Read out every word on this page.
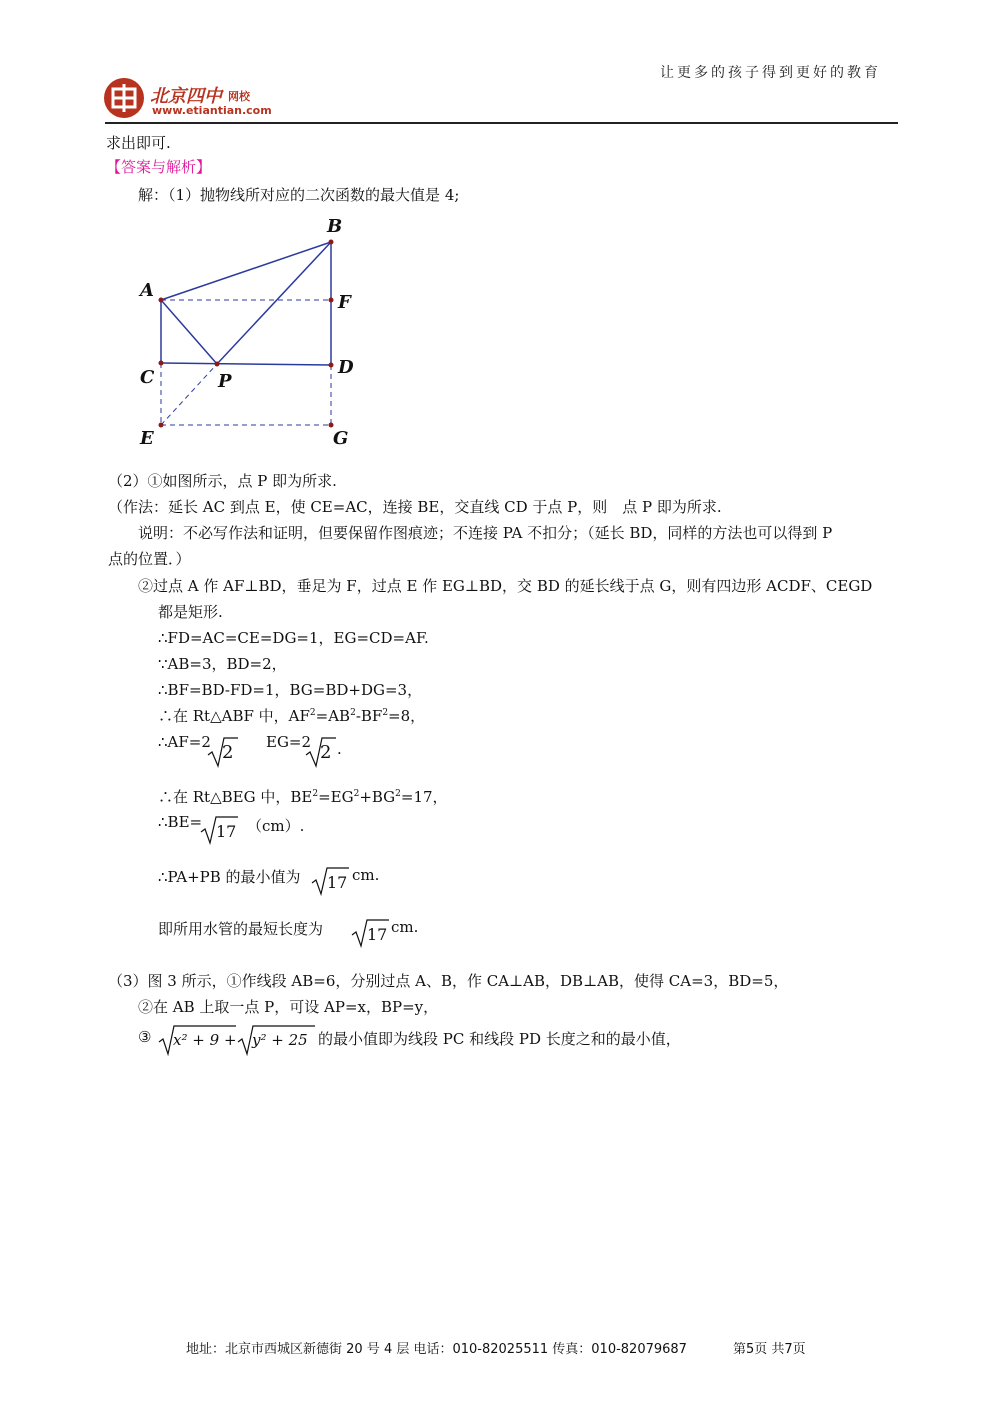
让更多的孩子得到更好的教育
北京四中 网校
www.etiantian.com
求出即可.
【答案与解析】
解：（1）抛物线所对应的二次函数的最大值是 4;
A
B
C	D
E
F
G
P
（2）①如图所示，点 P 即为所求.
（作法：延长 AC 到点 E，使 CE=AC，连接 BE，交直线 CD 于点 P，则　点 P 即为所求.
说明：不必写作法和证明，但要保留作图痕迹；不连接 PA 不扣分；（延长 BD，同样的方法也可以得到 P
点的位置．）
②过点 A 作 AF⊥BD，垂足为 F，过点 E 作 EG⊥BD，交 BD 的延长线于点 G，则有四边形 ACDF、CEGD
都是矩形.
∴FD=AC=CE=DG=1，EG=CD=AF.
∵AB=3，BD=2，
∴BF=BD-FD=1，BG=BD+DG=3，
∴在 Rt△ABF 中，$AF^2=AB^2-BF^2=8$，
∴AF=2 2 EG=2 2 .
∴在 Rt△BEG 中，$BE^2=EG^2+BG^2=17$，
∴BE= 17 （cm）.
∴PA+PB 的最小值为 17 cm.
即所用水管的最短长度为	17 cm.
（3）图 3 所示，①作线段 AB=6，分别过点 A、B，作 CA⊥AB，DB⊥AB，使得 CA=3，BD=5，
②在 AB 上取一点 P，可设 AP=x，BP=y，
③ x² + 9 + y² + 25 的最小值即为线段 PC 和线段 PD 长度之和的最小值，
地址：北京市西城区新德街 20 号 4 层 电话：010-82025511 传真：010-82079687	第5页 共7页
